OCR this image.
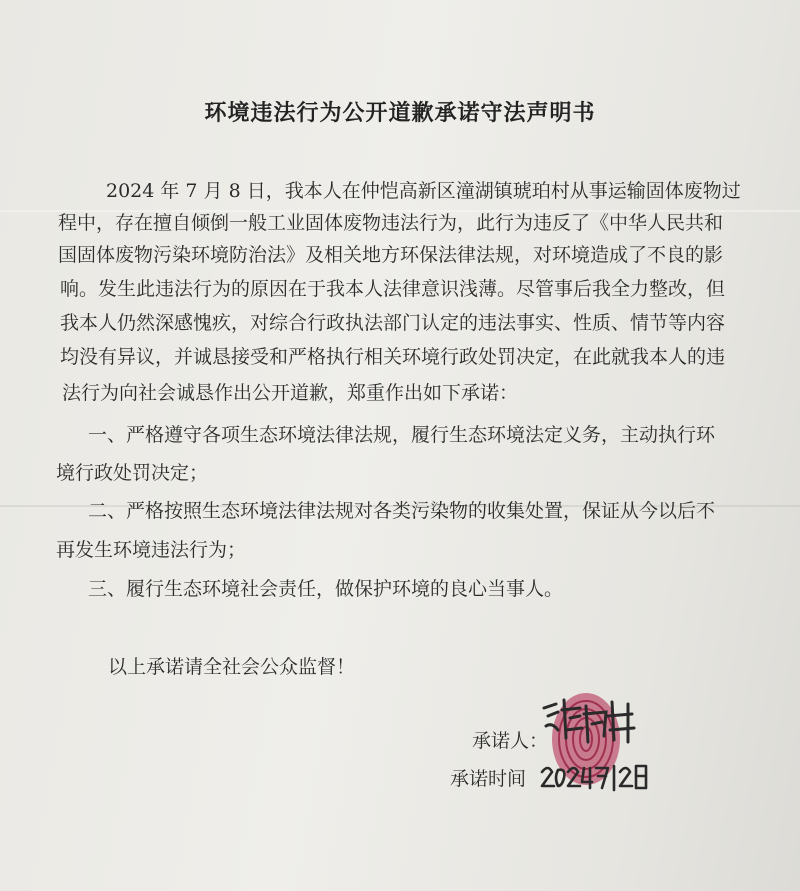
环境违法行为公开道歉承诺守法声明书
2024 年 7 月 8 日，我本人在仲恺高新区潼湖镇琥珀村从事运输固体废物过
程中，存在擅自倾倒一般工业固体废物违法行为，此行为违反了《中华人民共和
国固体废物污染环境防治法》及相关地方环保法律法规，对环境造成了不良的影
响。发生此违法行为的原因在于我本人法律意识浅薄。尽管事后我全力整改，但
我本人仍然深感愧疚，对综合行政执法部门认定的违法事实、性质、情节等内容
均没有异议，并诚恳接受和严格执行相关环境行政处罚决定，在此就我本人的违
法行为向社会诚恳作出公开道歉，郑重作出如下承诺：
一、严格遵守各项生态环境法律法规，履行生态环境法定义务，主动执行环
境行政处罚决定；
二、严格按照生态环境法律法规对各类污染物的收集处置，保证从今以后不
再发生环境违法行为；
三、履行生态环境社会责任，做保护环境的良心当事人。
以上承诺请全社会公众监督！
承诺人：
承诺时间
